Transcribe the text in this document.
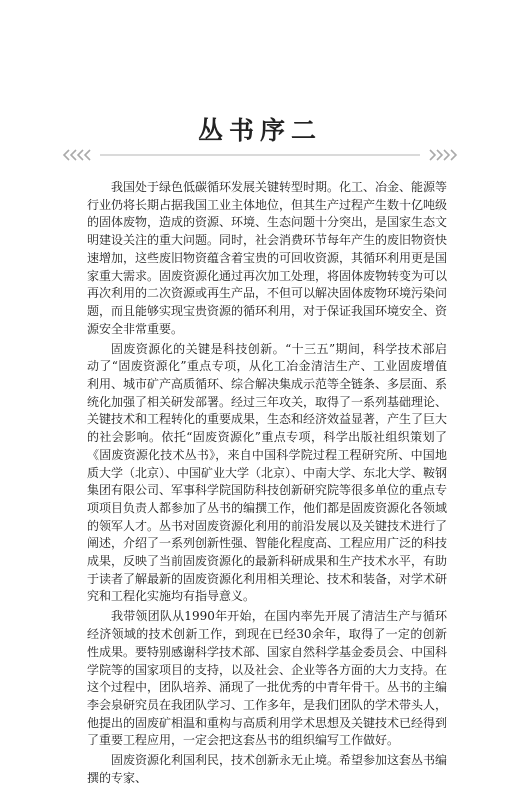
丛书序二

我国处于绿色低碳循环发展关键转型时期。化工、冶金、能源等行业仍将长期占据我国工业主体地位，但其生产过程产生数十亿吨级的固体废物，造成的资源、环境、生态问题十分突出，是国家生态文明建设关注的重大问题。同时，社会消费环节每年产生的废旧物资快速增加，这些废旧物资蕴含着宝贵的可回收资源，其循环利用更是国家重大需求。固废资源化通过再次加工处理，将固体废物转变为可以再次利用的二次资源或再生产品，不但可以解决固体废物环境污染问题，而且能够实现宝贵资源的循环利用，对于保证我国环境安全、资源安全非常重要。

固废资源化的关键是科技创新。“十三五”期间，科学技术部启动了“固废资源化”重点专项，从化工冶金清洁生产、工业固废增值利用、城市矿产高质循环、综合解决集成示范等全链条、多层面、系统化加强了相关研发部署。经过三年攻关，取得了一系列基础理论、关键技术和工程转化的重要成果，生态和经济效益显著，产生了巨大的社会影响。依托“固废资源化”重点专项，科学出版社组织策划了《固废资源化技术丛书》，来自中国科学院过程工程研究所、中国地质大学（北京）、中国矿业大学（北京）、中南大学、东北大学、鞍钢集团有限公司、军事科学院国防科技创新研究院等很多单位的重点专项项目负责人都参加了丛书的编撰工作，他们都是固废资源化各领域的领军人才。丛书对固废资源化利用的前沿发展以及关键技术进行了阐述，介绍了一系列创新性强、智能化程度高、工程应用广泛的科技成果，反映了当前固废资源化的最新科研成果和生产技术水平，有助于读者了解最新的固废资源化利用相关理论、技术和装备，对学术研究和工程化实施均有指导意义。

我带领团队从1990年开始，在国内率先开展了清洁生产与循环经济领域的技术创新工作，到现在已经30余年，取得了一定的创新性成果。要特别感谢科学技术部、国家自然科学基金委员会、中国科学院等的国家项目的支持，以及社会、企业等各方面的大力支持。在这个过程中，团队培养、涌现了一批优秀的中青年骨干。丛书的主编李会泉研究员在我团队学习、工作多年，是我们团队的学术带头人，他提出的固废矿相温和重构与高质利用学术思想及关键技术已经得到了重要工程应用，一定会把这套丛书的组织编写工作做好。

固废资源化利国利民，技术创新永无止境。希望参加这套丛书编撰的专家、
